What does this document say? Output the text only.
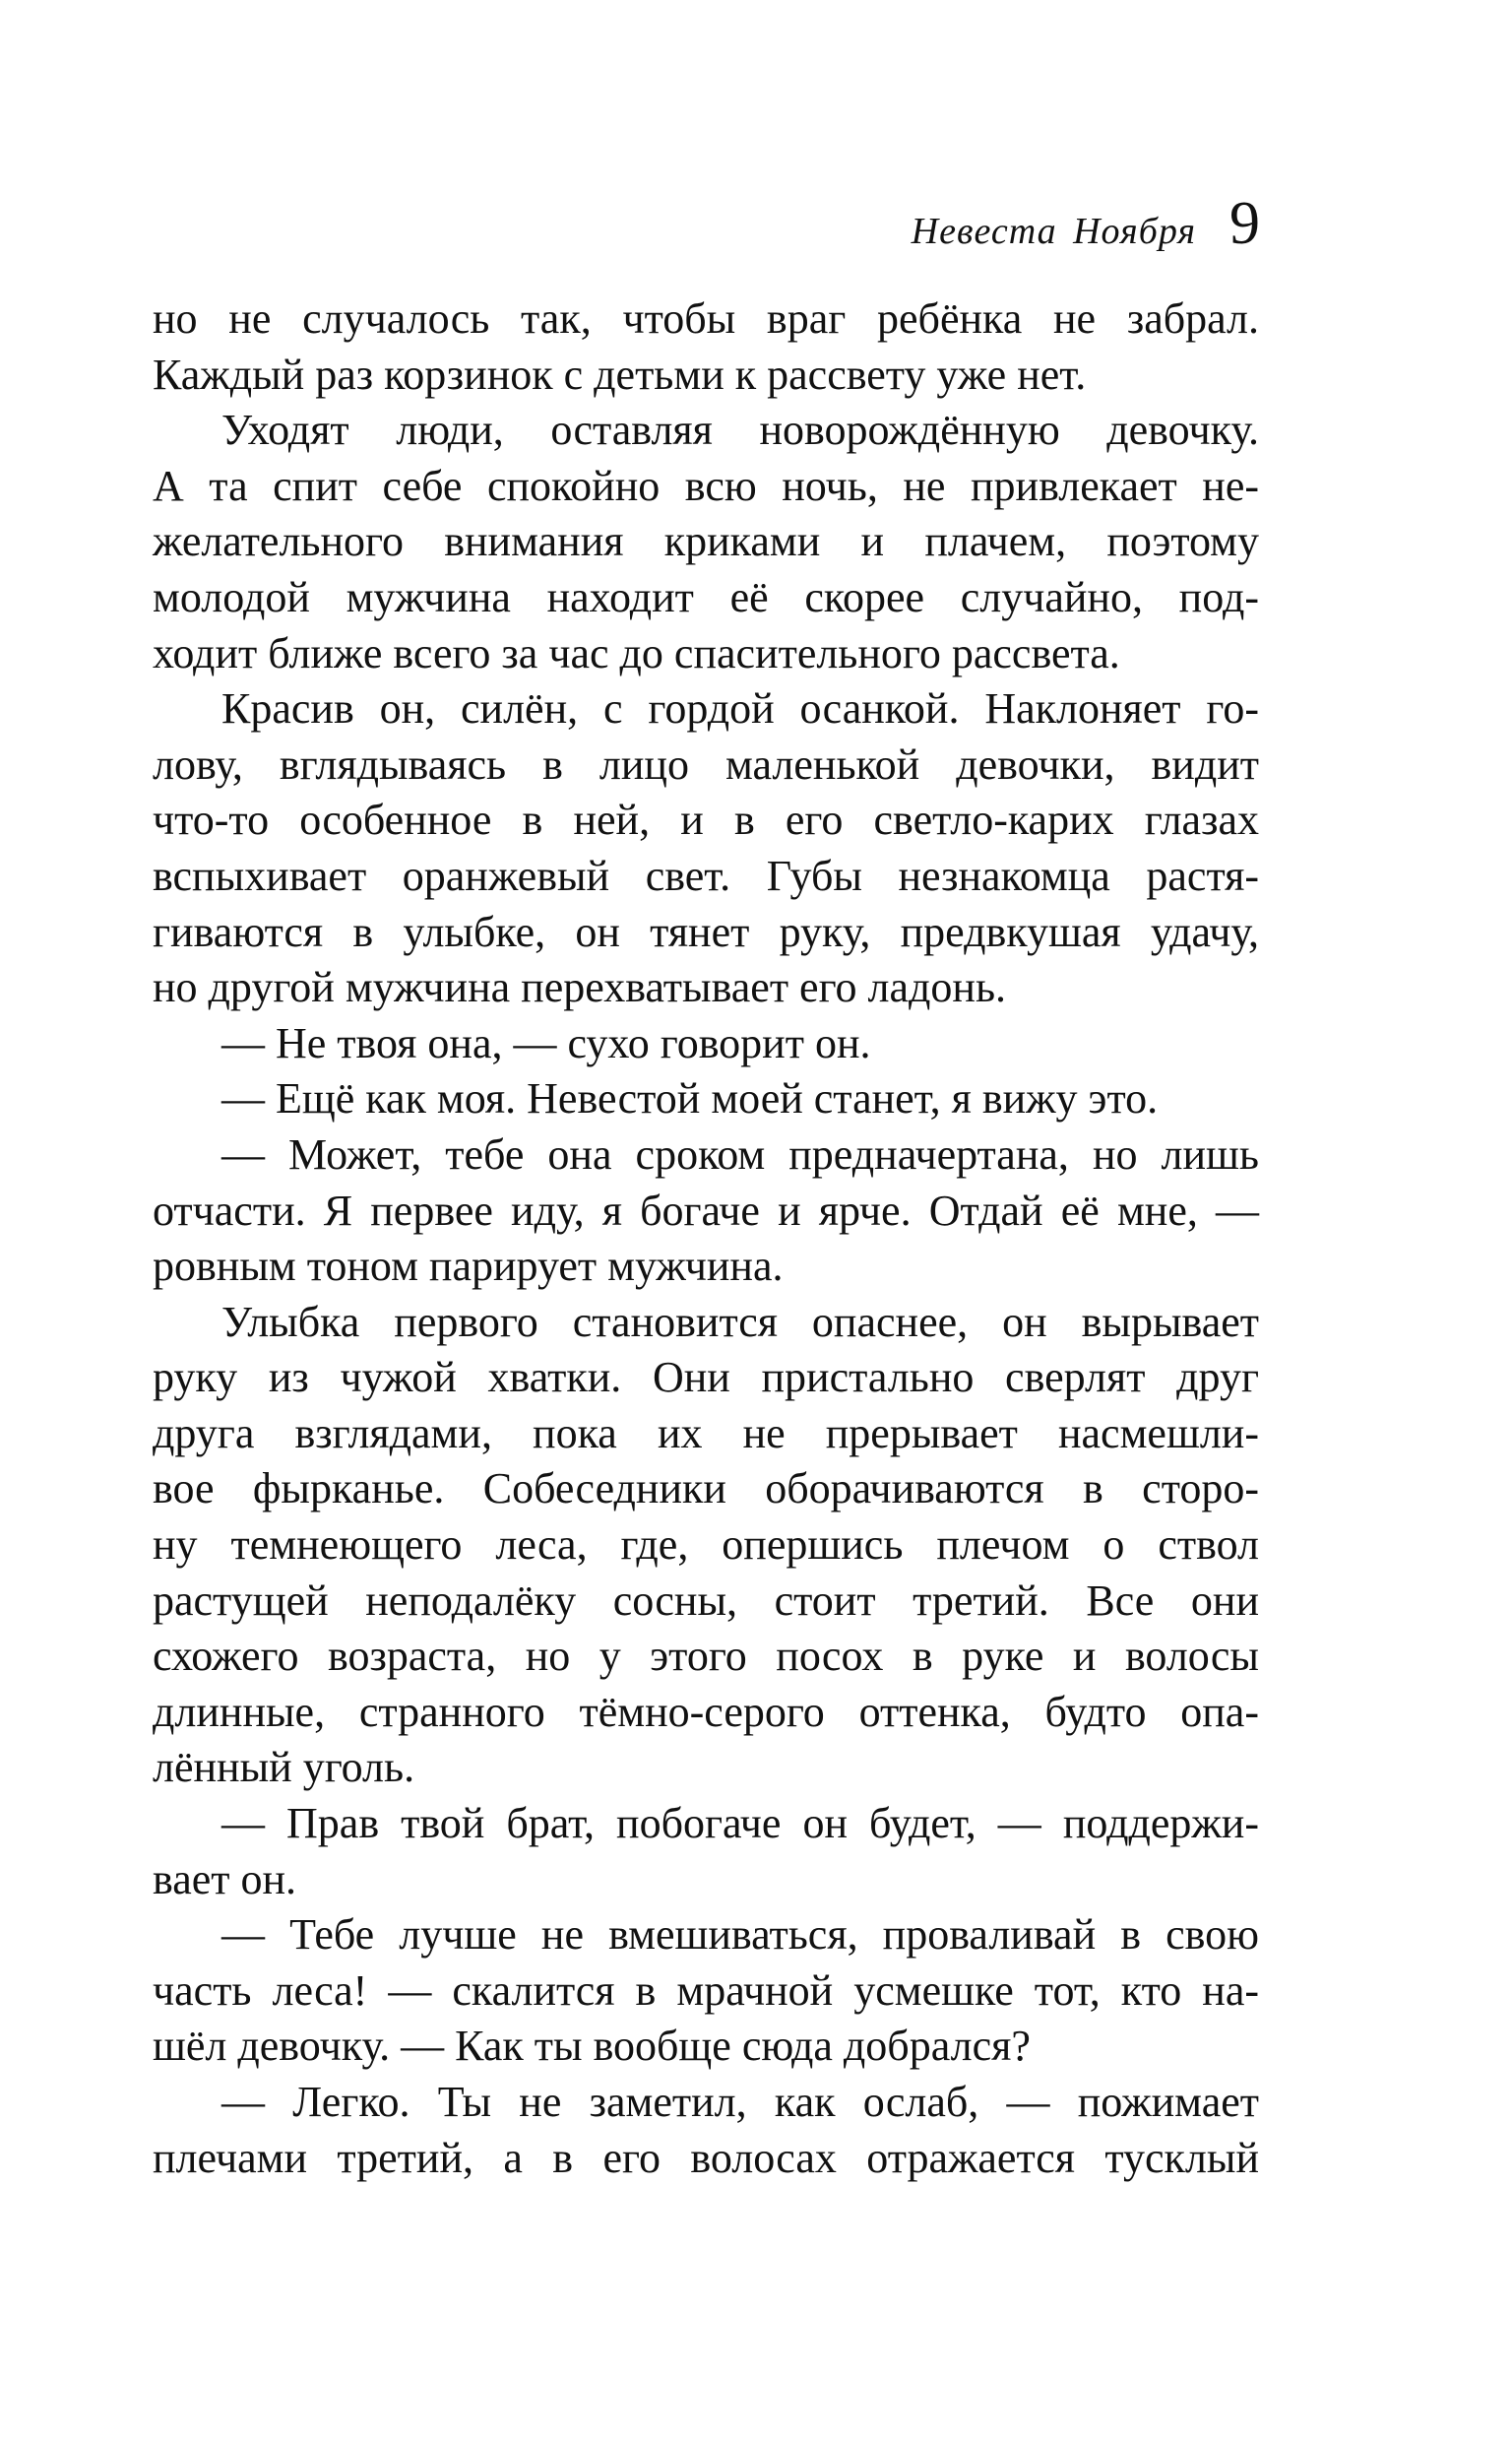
Невеста Ноября 9
но не случалось так, чтобы враг ребёнка не забрал.
Каждый раз корзинок с детьми к рассвету уже нет.
Уходят люди, оставляя новорождённую девочку.
А та спит себе спокойно всю ночь, не привлекает не-
желательного внимания криками и плачем, поэтому
молодой мужчина находит её скорее случайно, под-
ходит ближе всего за час до спасительного рассвета.
Красив он, силён, с гордой осанкой. Наклоняет го-
лову, вглядываясь в лицо маленькой девочки, видит
что-то особенное в ней, и в его светло-карих глазах
вспыхивает оранжевый свет. Губы незнакомца растя-
гиваются в улыбке, он тянет руку, предвкушая удачу,
но другой мужчина перехватывает его ладонь.
— Не твоя она, — сухо говорит он.
— Ещё как моя. Невестой моей станет, я вижу это.
— Может, тебе она сроком предначертана, но лишь
отчасти. Я первее иду, я богаче и ярче. Отдай её мне, —
ровным тоном парирует мужчина.
Улыбка первого становится опаснее, он вырывает
руку из чужой хватки. Они пристально сверлят друг
друга взглядами, пока их не прерывает насмешли-
вое фырканье. Собеседники оборачиваются в сторо-
ну темнеющего леса, где, опершись плечом о ствол
растущей неподалёку сосны, стоит третий. Все они
схожего возраста, но у этого посох в руке и волосы
длинные, странного тёмно-серого оттенка, будто опа-
лённый уголь.
— Прав твой брат, побогаче он будет, — поддержи-
вает он.
— Тебе лучше не вмешиваться, проваливай в свою
часть леса! — скалится в мрачной усмешке тот, кто на-
шёл девочку. — Как ты вообще сюда добрался?
— Легко. Ты не заметил, как ослаб, — пожимает
плечами третий, а в его волосах отражается тусклый
